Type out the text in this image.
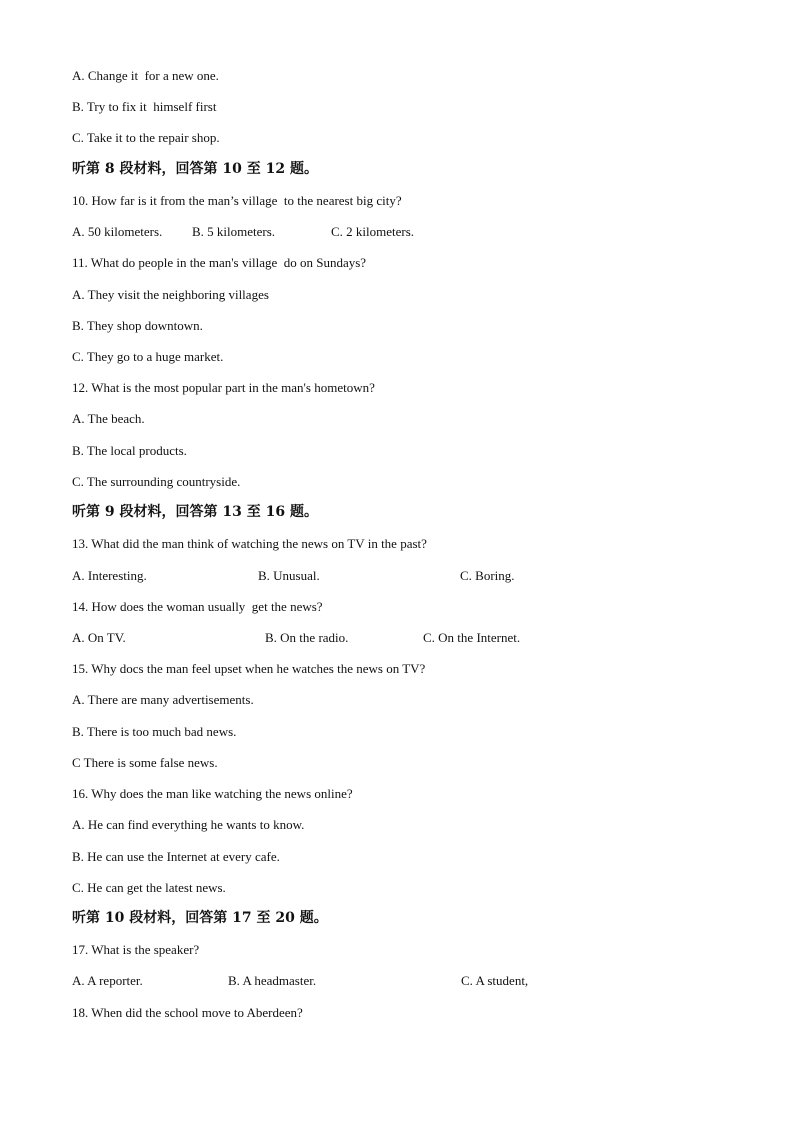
A. Change it  for a new one.
B. Try to fix it  himself first
C. Take it to the repair shop.
听第 8 段材料，回答第 10 至 12 题。
10. How far is it from the man’s village  to the nearest big city?
A. 50 kilometers. B. 5 kilometers.	C. 2 kilometers.
11. What do people in the man's village  do on Sundays?
A. They visit the neighboring villages
B. They shop downtown.
C. They go to a huge market.
12. What is the most popular part in the man's hometown?
A. The beach.
B. The local products.
C. The surrounding countryside.
听第 9 段材料，回答第 13 至 16 题。
13. What did the man think of watching the news on TV in the past?
A. Interesting.	B. Unusual.	C. Boring.
14. How does the woman usually  get the news?
A. On TV.	B. On the radio.	C. On the Internet.
15. Why docs the man feel upset when he watches the news on TV?
A. There are many advertisements.
B. There is too much bad news.
C There is some false news.
16. Why does the man like watching the news online?
A. He can find everything he wants to know.
B. He can use the Internet at every cafe.
C. He can get the latest news.
听第 10 段材料，回答第 17 至 20 题。
17. What is the speaker?
A. A reporter.	B. A headmaster.	C. A student,
18. When did the school move to Aberdeen?
